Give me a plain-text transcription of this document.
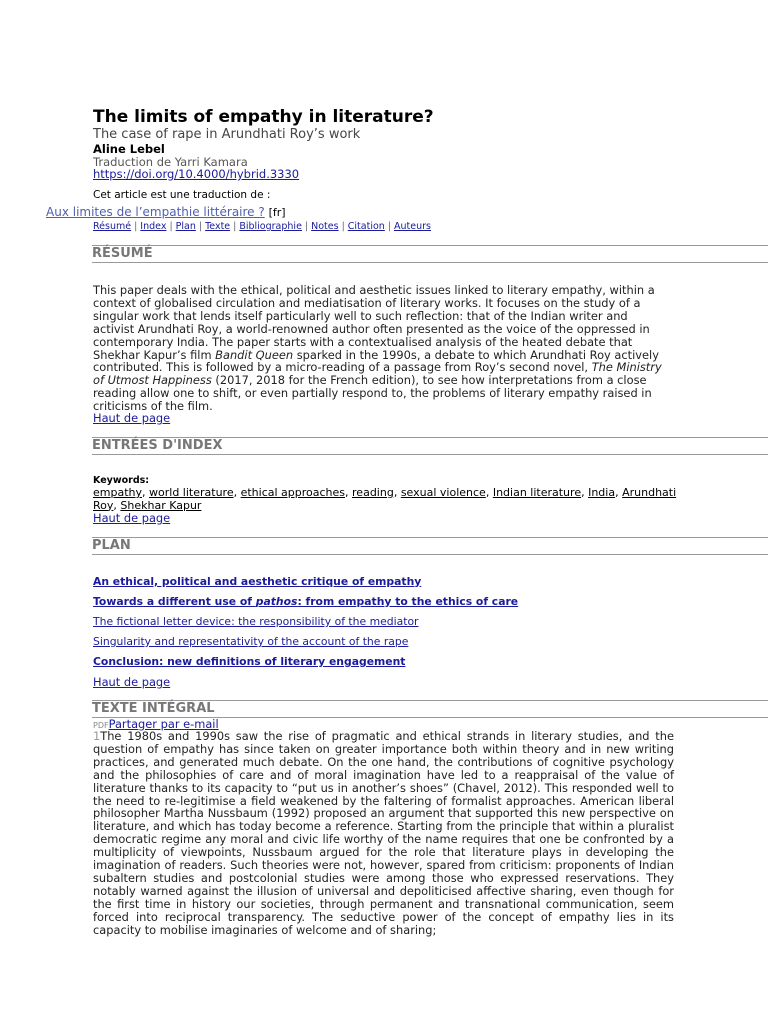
The limits of empathy in literature?
The case of rape in Arundhati Roy’s work
Aline Lebel
Traduction de Yarri Kamara
https://doi.org/10.4000/hybrid.3330
Cet article est une traduction de :
Aux limites de l’empathie littéraire ? [fr]
Résumé | Index | Plan | Texte | Bibliographie | Notes | Citation | Auteurs
RÉSUMÉ
This paper deals with the ethical, political and aesthetic issues linked to literary empathy, within a
context of globalised circulation and mediatisation of literary works. It focuses on the study of a
singular work that lends itself particularly well to such reflection: that of the Indian writer and
activist Arundhati Roy, a world-renowned author often presented as the voice of the oppressed in
contemporary India. The paper starts with a contextualised analysis of the heated debate that
Shekhar Kapur’s film Bandit Queen sparked in the 1990s, a debate to which Arundhati Roy actively
contributed. This is followed by a micro-reading of a passage from Roy’s second novel, The Ministry
of Utmost Happiness (2017, 2018 for the French edition), to see how interpretations from a close
reading allow one to shift, or even partially respond to, the problems of literary empathy raised in
criticisms of the film.
Haut de page
ENTRÉES D'INDEX
Keywords:
empathy, world literature, ethical approaches, reading, sexual violence, Indian literature, India, Arundhati Roy, Shekhar Kapur
Haut de page
PLAN
An ethical, political and aesthetic critique of empathy
Towards a different use of pathos: from empathy to the ethics of care
The fictional letter device: the responsibility of the mediator
Singularity and representativity of the account of the rape
Conclusion: new definitions of literary engagement
Haut de page
TEXTE INTÉGRAL
PDFPartager par e-mail
1The 1980s and 1990s saw the rise of pragmatic and ethical strands in literary studies, and the question of empathy has since taken on greater importance both within theory and in new writing practices, and generated much debate. On the one hand, the contributions of cognitive psychology and the philosophies of care and of moral imagination have led to a reappraisal of the value of literature thanks to its capacity to “put us in another’s shoes” (Chavel, 2012). This responded well to the need to re-legitimise a field weakened by the faltering of formalist approaches. American liberal philosopher Martha Nussbaum (1992) proposed an argument that supported this new perspective on literature, and which has today become a reference. Starting from the principle that within a pluralist democratic regime any moral and civic life worthy of the name requires that one be confronted by a multiplicity of viewpoints, Nussbaum argued for the role that literature plays in developing the imagination of readers. Such theories were not, however, spared from criticism: proponents of Indian subaltern studies and postcolonial studies were among those who expressed reservations. They notably warned against the illusion of universal and depoliticised affective sharing, even though for the first time in history our societies, through permanent and transnational communication, seem forced into reciprocal transparency. The seductive power of the concept of empathy lies in its capacity to mobilise imaginaries of welcome and of sharing;
